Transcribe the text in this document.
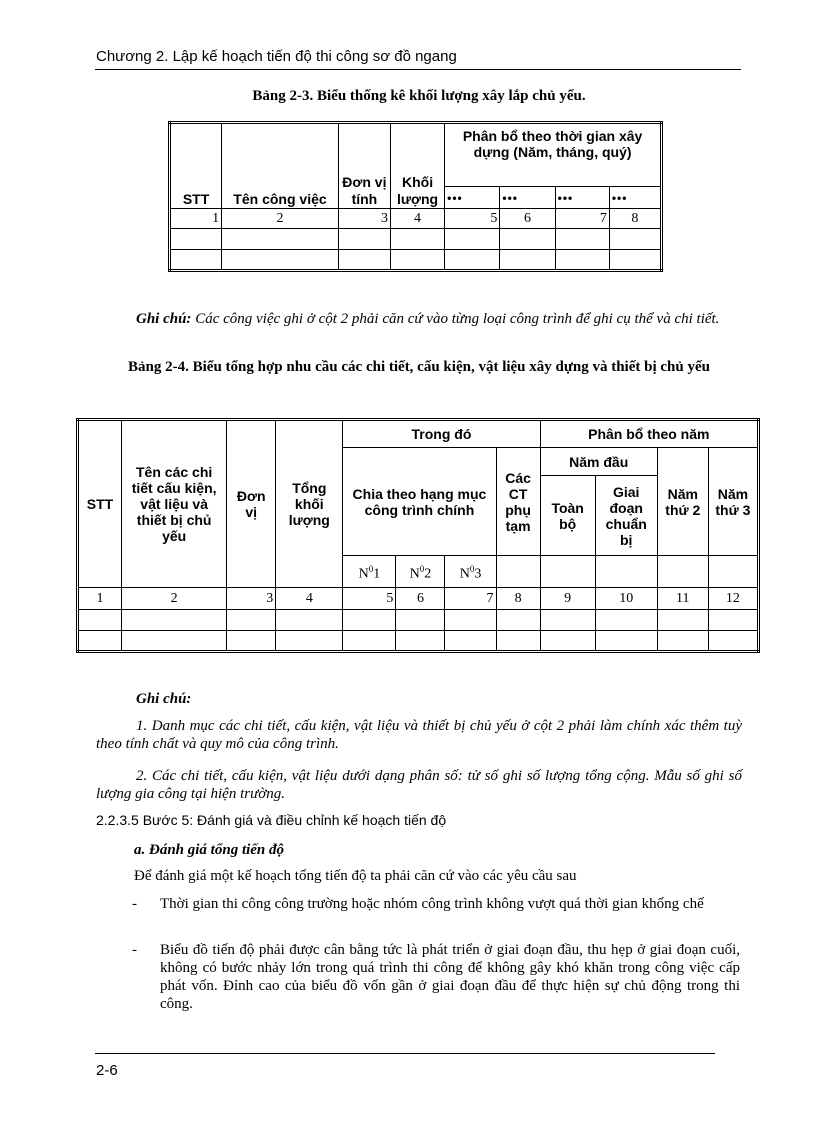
Chương 2. Lập kế hoạch tiến độ thi công sơ đồ ngang
Bảng 2-3. Biểu thống kê khối lượng xây lắp chủ yếu.
STT	Tên công việc	Đơn vị tính	Khối lượng	Phân bổ theo thời gian xây dựng (Năm, tháng, quý)			
				•••	•••	•••	•••
1	2	3	4	5	6	7	8

Ghi chú: Các công việc ghi ở cột 2 phải căn cứ vào từng loại công trình để ghi cụ thể và chi tiết.
Bảng 2-4. Biểu tổng hợp nhu cầu các chi tiết, cấu kiện, vật liệu xây dựng và thiết bị chủ yếu
STT	Tên các chi tiết cấu kiện, vật liệu và thiết bị chủ yếu	Đơn vị	Tổng khối lượng	Trong đó				Phân bổ theo năm			
				Chia theo hạng mục công trình chính			Các CT phụ tạm	Năm đầu		Năm thứ 2	Năm thứ 3
								Toàn bộ	Giai đoạn chuẩn bị		
				$N^01$	$N^02$	$N^03$					
1	2	3	4	5	6	7	8	9	10	11	12

Ghi chú:
1. Danh mục các chi tiết, cấu kiện, vật liệu và thiết bị chủ yếu ở cột 2 phải làm chính xác thêm tuỳ theo tính chất và quy mô của công trình.
2. Các chi tiết, cấu kiện, vật liệu dưới dạng phân số: tử số ghi số lượng tổng cộng. Mẫu số ghi số lượng gia công tại hiện trường.
2.2.3.5 Bước 5: Đánh giá và điều chỉnh kế hoạch tiến độ
a. Đánh giá tổng tiến độ
Để đánh giá một kế hoạch tổng tiến độ ta phải căn cứ vào các yêu cầu sau
- Thời gian thi công công trường hoặc nhóm công trình không vượt quá thời gian khống chế
- Biểu đồ tiến độ phải được cân bằng tức là phát triển ở giai đoạn đầu, thu hẹp ở giai đoạn cuối, không có bước nhảy lớn trong quá trình thi công để không gây khó khăn trong công việc cấp phát vốn. Đỉnh cao của biểu đồ vốn gần ở giai đoạn đầu để thực hiện sự chủ động trong thi công.
2-6
